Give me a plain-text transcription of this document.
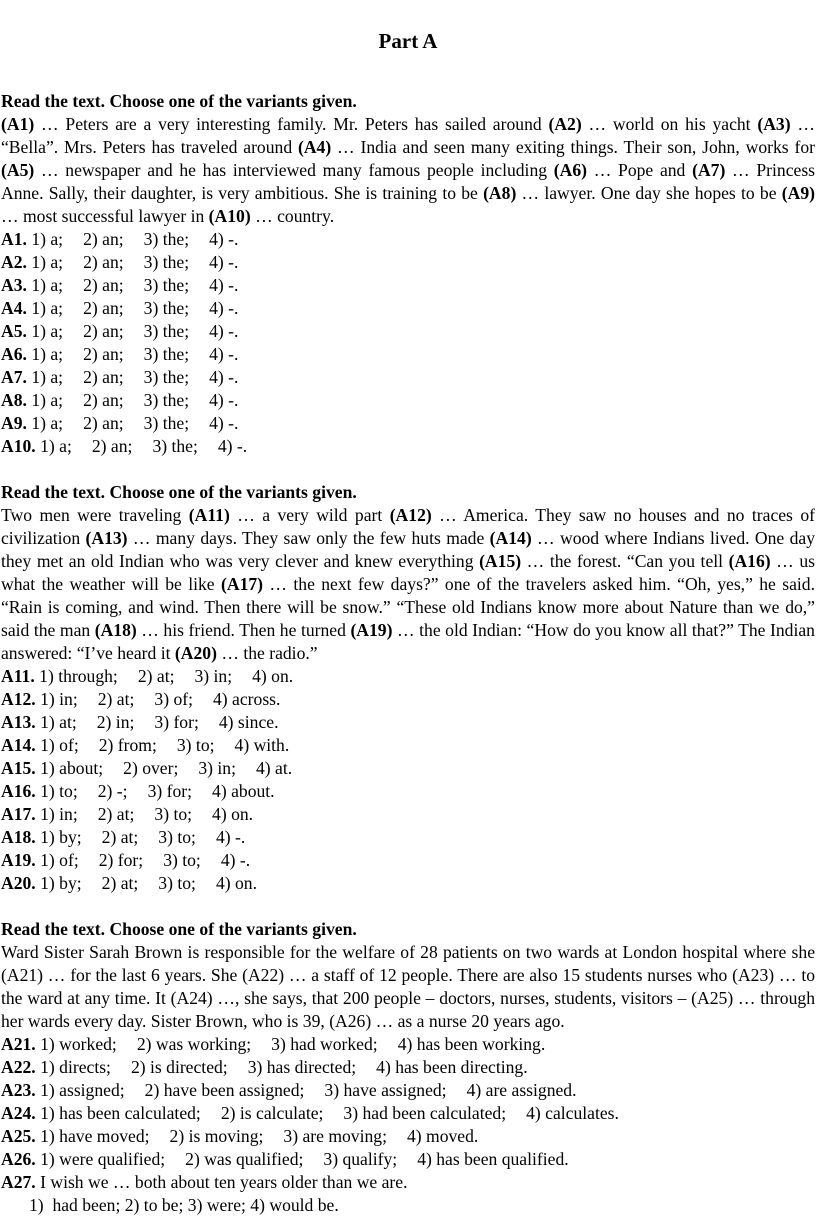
Part A

Read the text. Choose one of the variants given.

(A1) … Peters are a very interesting family. Mr. Peters has sailed around (A2) … world on his yacht (A3) … “Bella”. Mrs. Peters has traveled around (A4) … India and seen many exiting things. Their son, John, works for (A5) … newspaper and he has interviewed many famous people including (A6) … Pope and (A7) … Princess Anne. Sally, their daughter, is very ambitious. She is training to be (A8) … lawyer. One day she hopes to be (A9) … most successful lawyer in (A10) … country.

A1. 1) a; 2) an; 3) the; 4) -.

A2. 1) a; 2) an; 3) the; 4) -.

A3. 1) a; 2) an; 3) the; 4) -.

A4. 1) a; 2) an; 3) the; 4) -.

A5. 1) a; 2) an; 3) the; 4) -.

A6. 1) a; 2) an; 3) the; 4) -.

A7. 1) a; 2) an; 3) the; 4) -.

A8. 1) a; 2) an; 3) the; 4) -.

A9. 1) a; 2) an; 3) the; 4) -.

A10. 1) a; 2) an; 3) the; 4) -.

Read the text. Choose one of the variants given.

Two men were traveling (A11) … a very wild part (A12) … America. They saw no houses and no traces of civilization (A13) … many days. They saw only the few huts made (A14) … wood where Indians lived. One day they met an old Indian who was very clever and knew everything (A15) … the forest. “Can you tell (A16) … us what the weather will be like (A17) … the next few days?” one of the travelers asked him. “Oh, yes,” he said. “Rain is coming, and wind. Then there will be snow.” “These old Indians know more about Nature than we do,” said the man (A18) … his friend. Then he turned (A19) … the old Indian: “How do you know all that?” The Indian answered: “I’ve heard it (A20) … the radio.”

A11. 1) through; 2) at; 3) in; 4) on.

A12. 1) in; 2) at; 3) of; 4) across.

A13. 1) at; 2) in; 3) for; 4) since.

A14. 1) of; 2) from; 3) to; 4) with.

A15. 1) about; 2) over; 3) in; 4) at.

A16. 1) to; 2) -; 3) for; 4) about.

A17. 1) in; 2) at; 3) to; 4) on.

A18. 1) by; 2) at; 3) to; 4) -.

A19. 1) of; 2) for; 3) to; 4) -.

A20. 1) by; 2) at; 3) to; 4) on.

Read the text. Choose one of the variants given.

Ward Sister Sarah Brown is responsible for the welfare of 28 patients on two wards at London hospital where she (A21) … for the last 6 years. She (A22) … a staff of 12 people. There are also 15 students nurses who (A23) … to the ward at any time. It (A24) …, she says, that 200 people – doctors, nurses, students, visitors – (A25) … through her wards every day. Sister Brown, who is 39, (A26) … as a nurse 20 years ago.

A21. 1) worked; 2) was working; 3) had worked; 4) has been working.

A22. 1) directs; 2) is directed; 3) has directed; 4) has been directing.

A23. 1) assigned; 2) have been assigned; 3) have assigned; 4) are assigned.

A24. 1) has been calculated; 2) is calculate; 3) had been calculated; 4) calculates.

A25. 1) have moved; 2) is moving; 3) are moving; 4) moved.

A26. 1) were qualified; 2) was qualified; 3) qualify; 4) has been qualified.

A27. I wish we … both about ten years older than we are.

1)  had been; 2) to be; 3) were; 4) would be.
